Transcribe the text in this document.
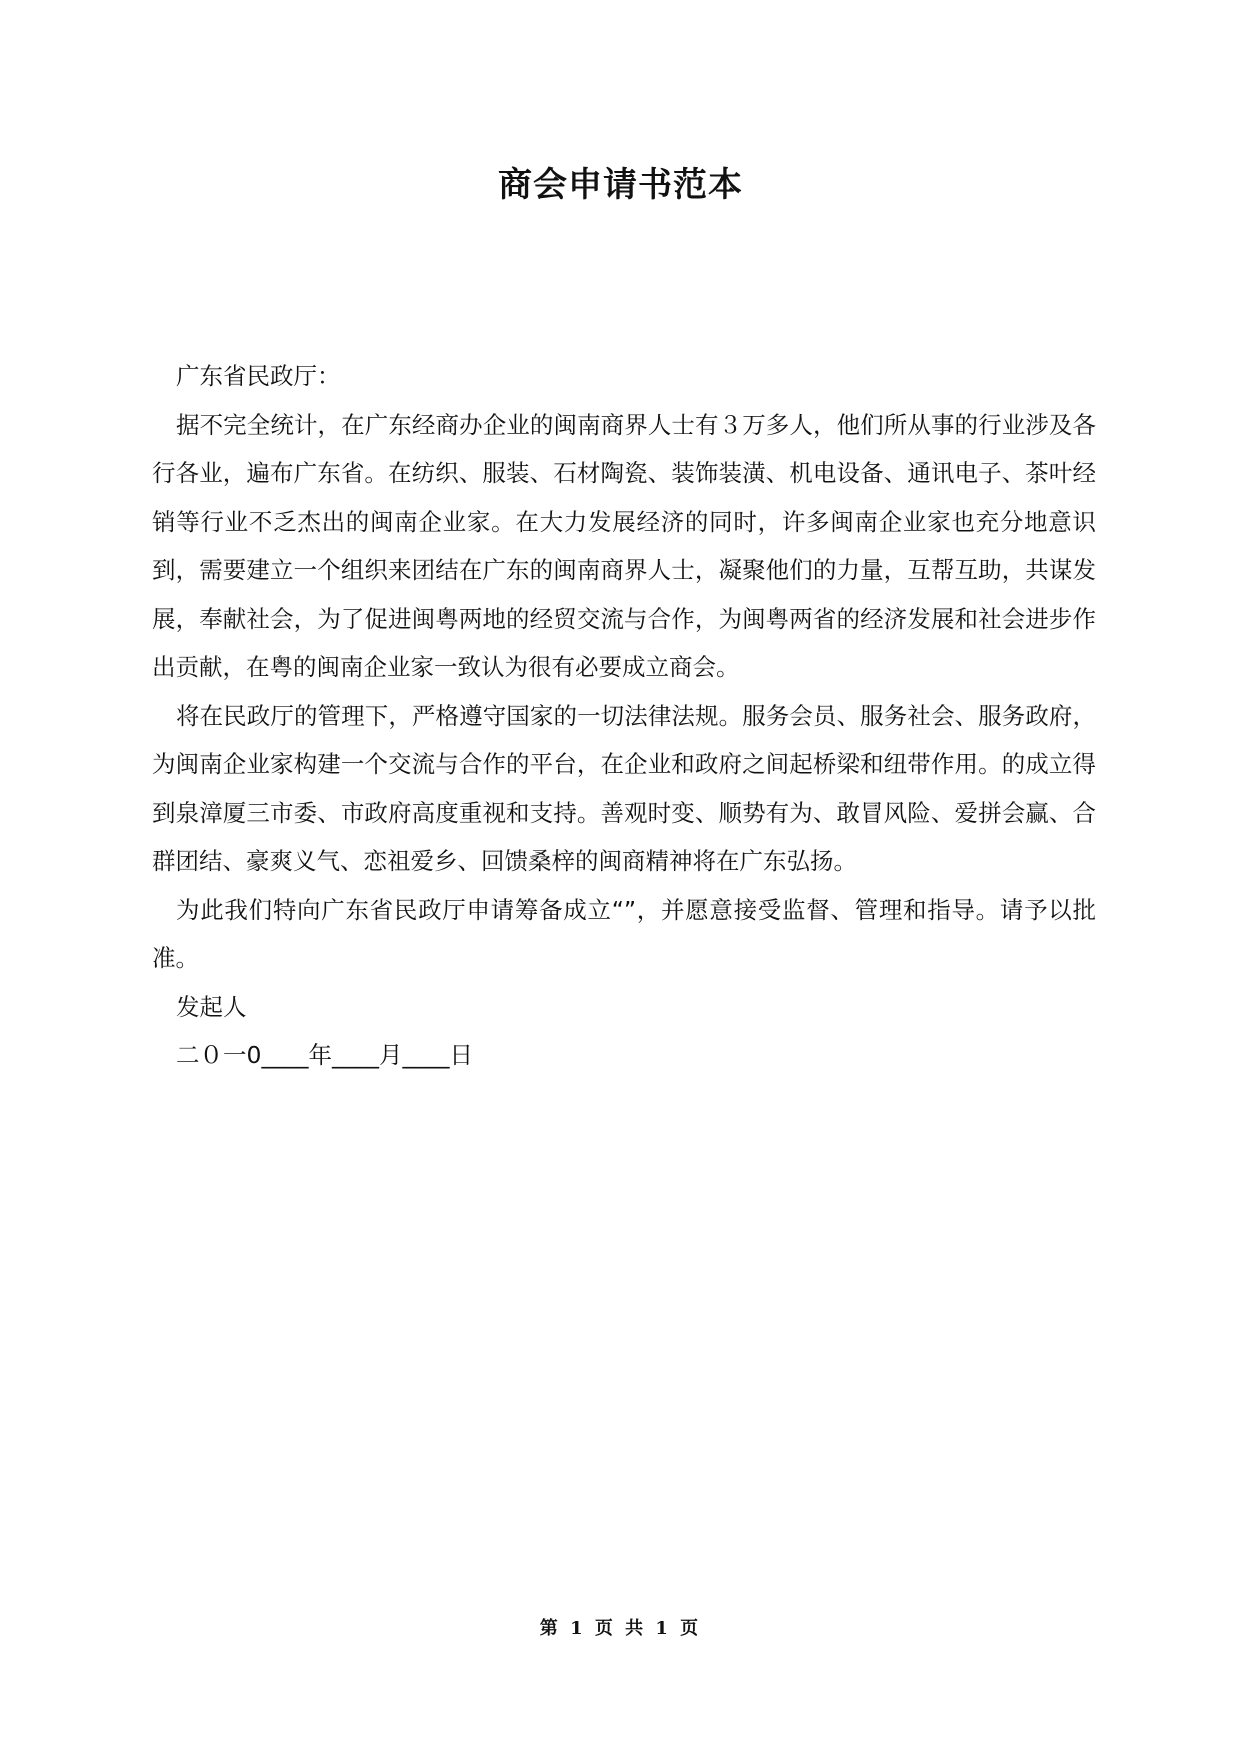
商会申请书范本

广东省民政厅：

据不完全统计，在广东经商办企业的闽南商界人士有３万多人，他们所从事的行业涉及各行各业，遍布广东省。在纺织、服装、石材陶瓷、装饰装潢、机电设备、通讯电子、茶叶经销等行业不乏杰出的闽南企业家。在大力发展经济的同时，许多闽南企业家也充分地意识到，需要建立一个组织来团结在广东的闽南商界人士，凝聚他们的力量，互帮互助，共谋发展，奉献社会，为了促进闽粤两地的经贸交流与合作，为闽粤两省的经济发展和社会进步作出贡献，在粤的闽南企业家一致认为很有必要成立商会。

将在民政厅的管理下，严格遵守国家的一切法律法规。服务会员、服务社会、服务政府，为闽南企业家构建一个交流与合作的平台，在企业和政府之间起桥梁和纽带作用。的成立得到泉漳厦三市委、市政府高度重视和支持。善观时变、顺势有为、敢冒风险、爱拼会赢、合群团结、豪爽义气、恋祖爱乡、回馈桑梓的闽商精神将在广东弘扬。

为此我们特向广东省民政厅申请筹备成立“”，并愿意接受监督、管理和指导。请予以批准。

发起人

二０一0____年____月____日

第 1 页 共 1 页
